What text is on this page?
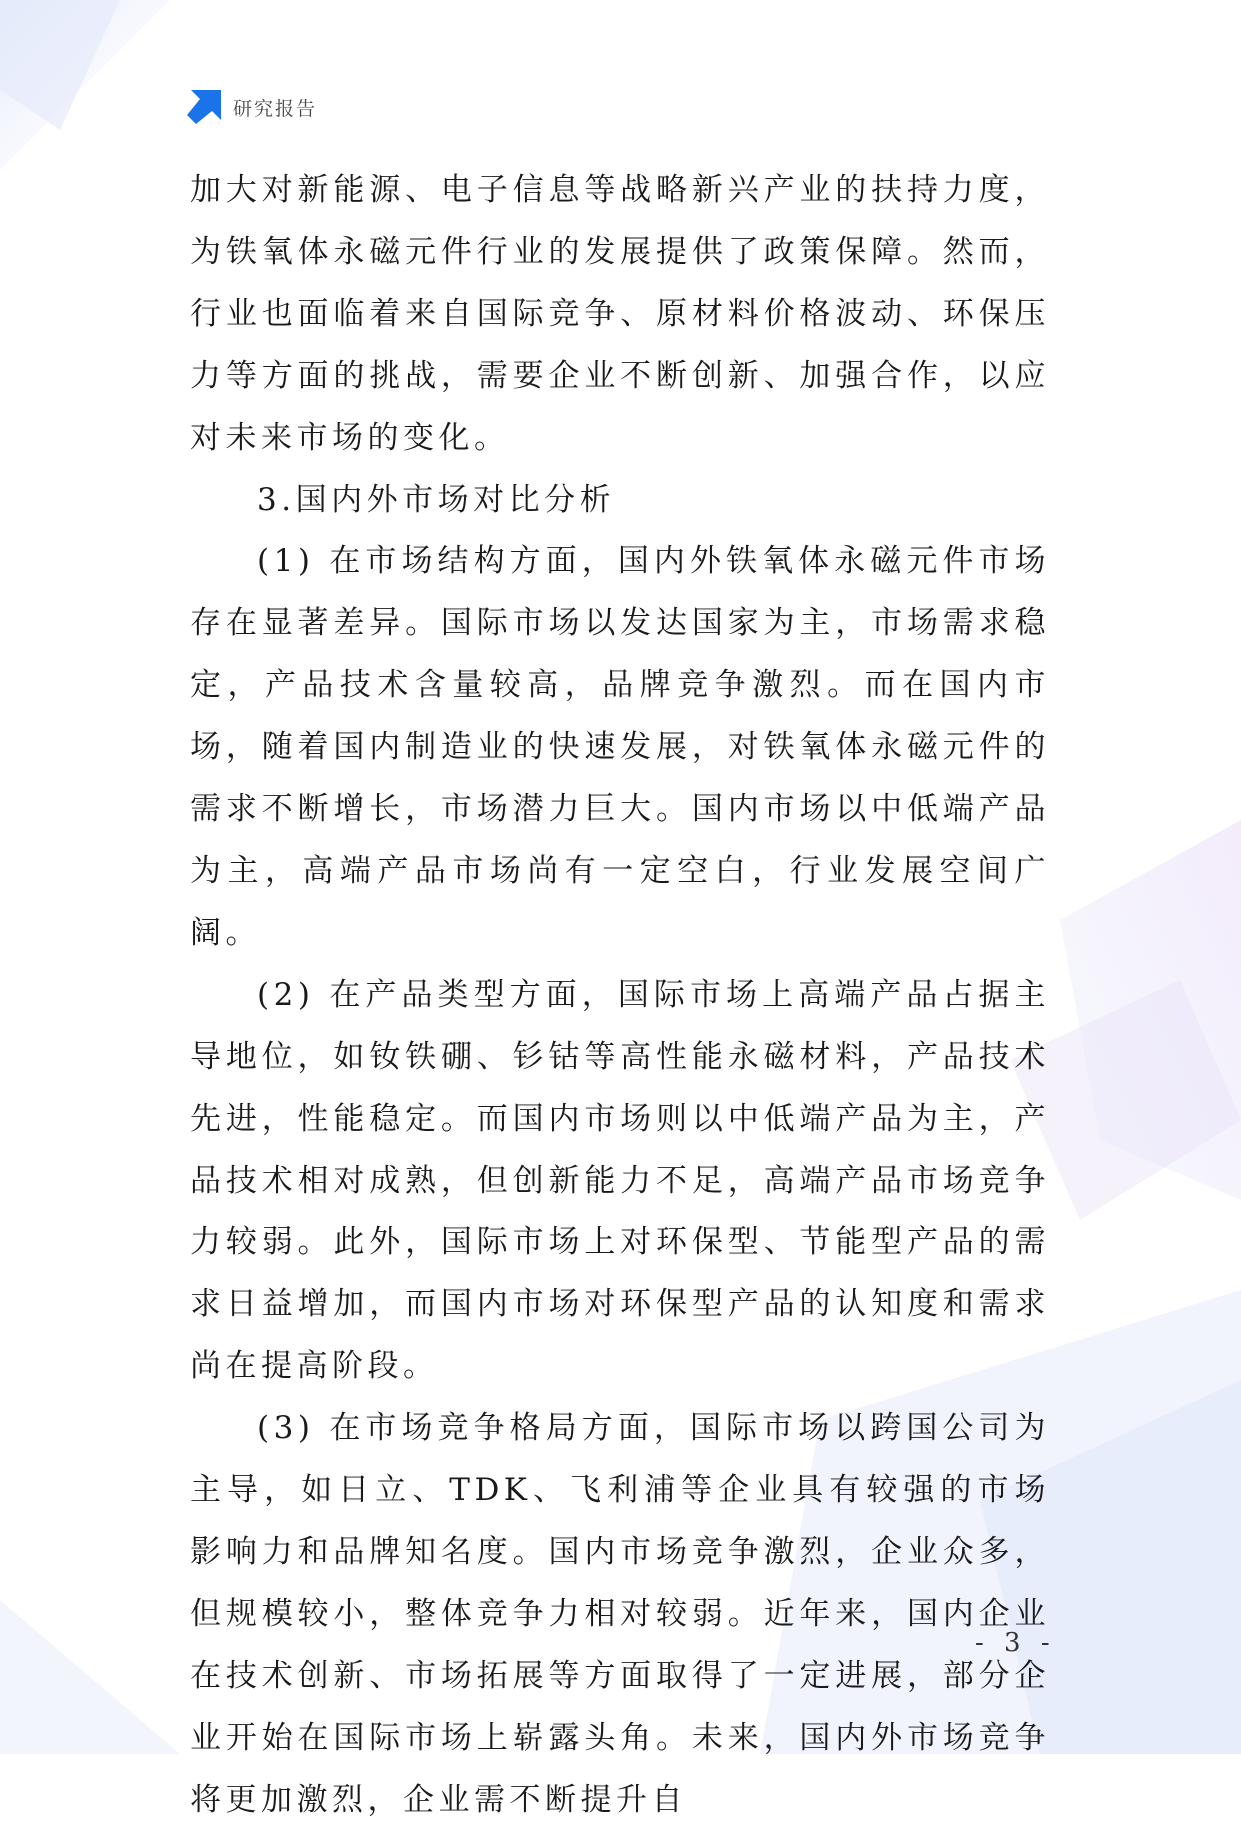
研究报告

加大对新能源、电子信息等战略新兴产业的扶持力度，为铁氧体永磁元件行业的发展提供了政策保障。然而，行业也面临着来自国际竞争、原材料价格波动、环保压力等方面的挑战，需要企业不断创新、加强合作，以应对未来市场的变化。

3.国内外市场对比分析

(1) 在市场结构方面，国内外铁氧体永磁元件市场存在显著差异。国际市场以发达国家为主，市场需求稳定，产品技术含量较高，品牌竞争激烈。而在国内市场，随着国内制造业的快速发展，对铁氧体永磁元件的需求不断增长，市场潜力巨大。国内市场以中低端产品为主，高端产品市场尚有一定空白，行业发展空间广阔。

(2) 在产品类型方面，国际市场上高端产品占据主导地位，如钕铁硼、钐钴等高性能永磁材料，产品技术先进，性能稳定。而国内市场则以中低端产品为主，产品技术相对成熟，但创新能力不足，高端产品市场竞争力较弱。此外，国际市场上对环保型、节能型产品的需求日益增加，而国内市场对环保型产品的认知度和需求尚在提高阶段。

(3) 在市场竞争格局方面，国际市场以跨国公司为主导，如日立、TDK、飞利浦等企业具有较强的市场影响力和品牌知名度。国内市场竞争激烈，企业众多，但规模较小，整体竞争力相对较弱。近年来，国内企业在技术创新、市场拓展等方面取得了一定进展，部分企业开始在国际市场上崭露头角。未来，国内外市场竞争将更加激烈，企业需不断提升自

- 3 -
